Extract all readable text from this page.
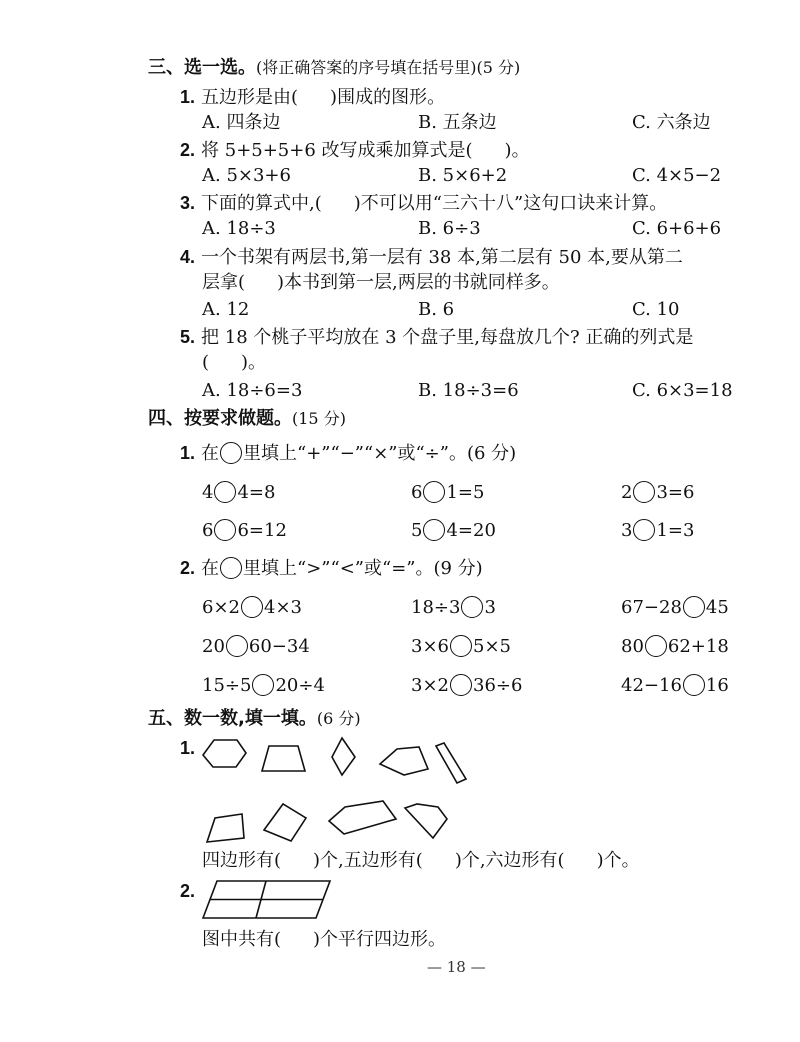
三、选一选。(将正确答案的序号填在括号里)(5 分)
1. 五边形是由( )围成的图形。
A. 四条边	B. 五条边	C. 六条边
2. 将 5+5+5+6 改写成乘加算式是( )。
A. 5×3+6	B. 5×6+2	C. 4×5−2
3. 下面的算式中,( )不可以用“三六十八”这句口诀来计算。
A. 18÷3	B. 6÷3	C. 6+6+6
4. 一个书架有两层书,第一层有 38 本,第二层有 50 本,要从第二
层拿( )本书到第一层,两层的书就同样多。
A. 12	B. 6	C. 10
5. 把 18 个桃子平均放在 3 个盘子里,每盘放几个? 正确的列式是
( )。
A. 18÷6=3	B. 18÷3=6	C. 6×3=18
四、按要求做题。(15 分)
1. 在 里填上“+”“−”“×”或“÷”。(6 分)
4 4=8	6 1=5	2 3=6
6 6=12	5 4=20	3 1=3
2. 在 里填上“>”“<”或“=”。(9 分)
6×2 4×3	18÷3 3	67−28 45
20 60−34	3×6 5×5	80 62+18
15÷5 20÷4	3×2 36÷6	42−16 16
五、数一数,填一填。(6 分)
1.
四边形有( )个,五边形有( )个,六边形有( )个。
2.
图中共有( )个平行四边形。
— 18 —
